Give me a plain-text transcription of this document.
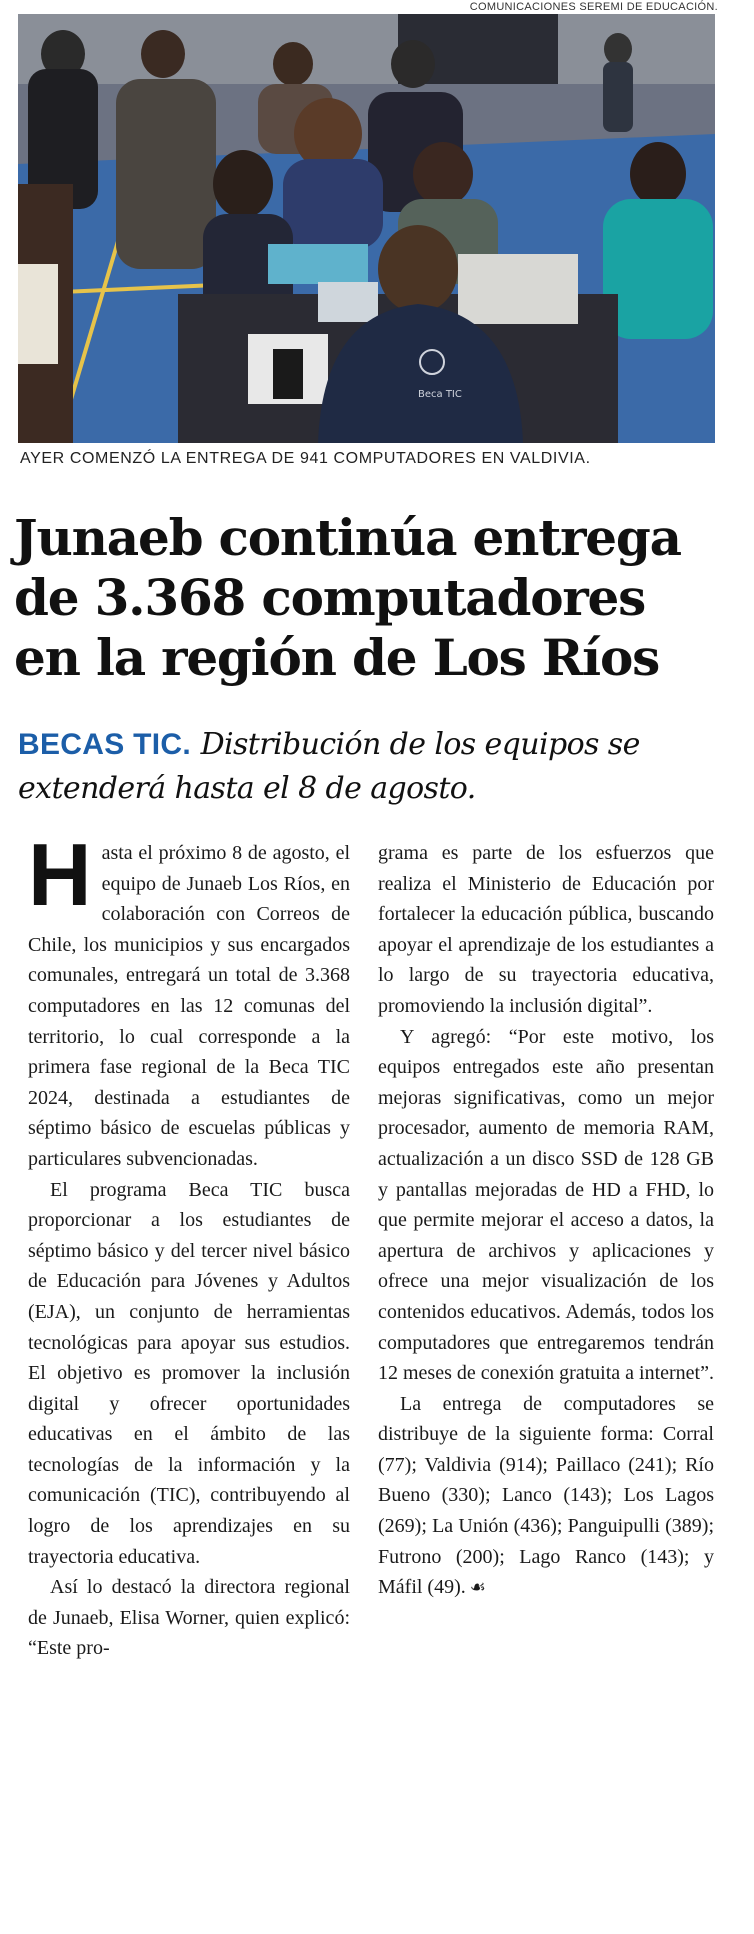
COMUNICACIONES SEREMI DE EDUCACIÓN.
Beca TIC
AYER COMENZÓ LA ENTREGA DE 941 COMPUTADORES EN VALDIVIA.
Junaeb continúa entrega
de 3.368 computadores
en la región de Los Ríos
BECAS TIC. Distribución de los equipos se extenderá hasta el 8 de agosto.

Hasta el próximo 8 de agosto, el equipo de Junaeb Los Ríos, en colaboración con Correos de Chile, los municipios y sus encargados comunales, entregará un total de 3.368 computadores en las 12 comunas del territorio, lo cual corresponde a la primera fase regional de la Beca TIC 2024, destinada a estudiantes de séptimo básico de escuelas públicas y particulares subvencionadas.

El programa Beca TIC busca proporcionar a los estudiantes de séptimo básico y del tercer nivel básico de Educación para Jóvenes y Adultos (EJA), un conjunto de herramientas tecnológicas para apoyar sus estudios. El objetivo es promover la inclusión digital y ofrecer oportunidades educativas en el ámbito de las tecnologías de la información y la comunicación (TIC), contribuyendo al logro de los aprendizajes en su trayectoria educativa.

Así lo destacó la directora regional de Junaeb, Elisa Worner, quien explicó: “Este pro-

grama es parte de los esfuerzos que realiza el Ministerio de Educación por fortalecer la educación pública, buscando apoyar el aprendizaje de los estudiantes a lo largo de su trayectoria educativa, promoviendo la inclusión digital”.

Y agregó: “Por este motivo, los equipos entregados este año presentan mejoras significativas, como un mejor procesador, aumento de memoria RAM, actualización a un disco SSD de 128 GB y pantallas mejoradas de HD a FHD, lo que permite mejorar el acceso a datos, la apertura de archivos y aplicaciones y ofrece una mejor visualización de los contenidos educativos. Además, todos los computadores que entregaremos tendrán 12 meses de conexión gratuita a internet”.

La entrega de computadores se distribuye de la siguiente forma: Corral (77); Valdivia (914); Paillaco (241); Río Bueno (330); Lanco (143); Los Lagos (269); La Unión (436); Panguipulli (389); Futrono (200); Lago Ranco (143); y Máfil (49). ☙
